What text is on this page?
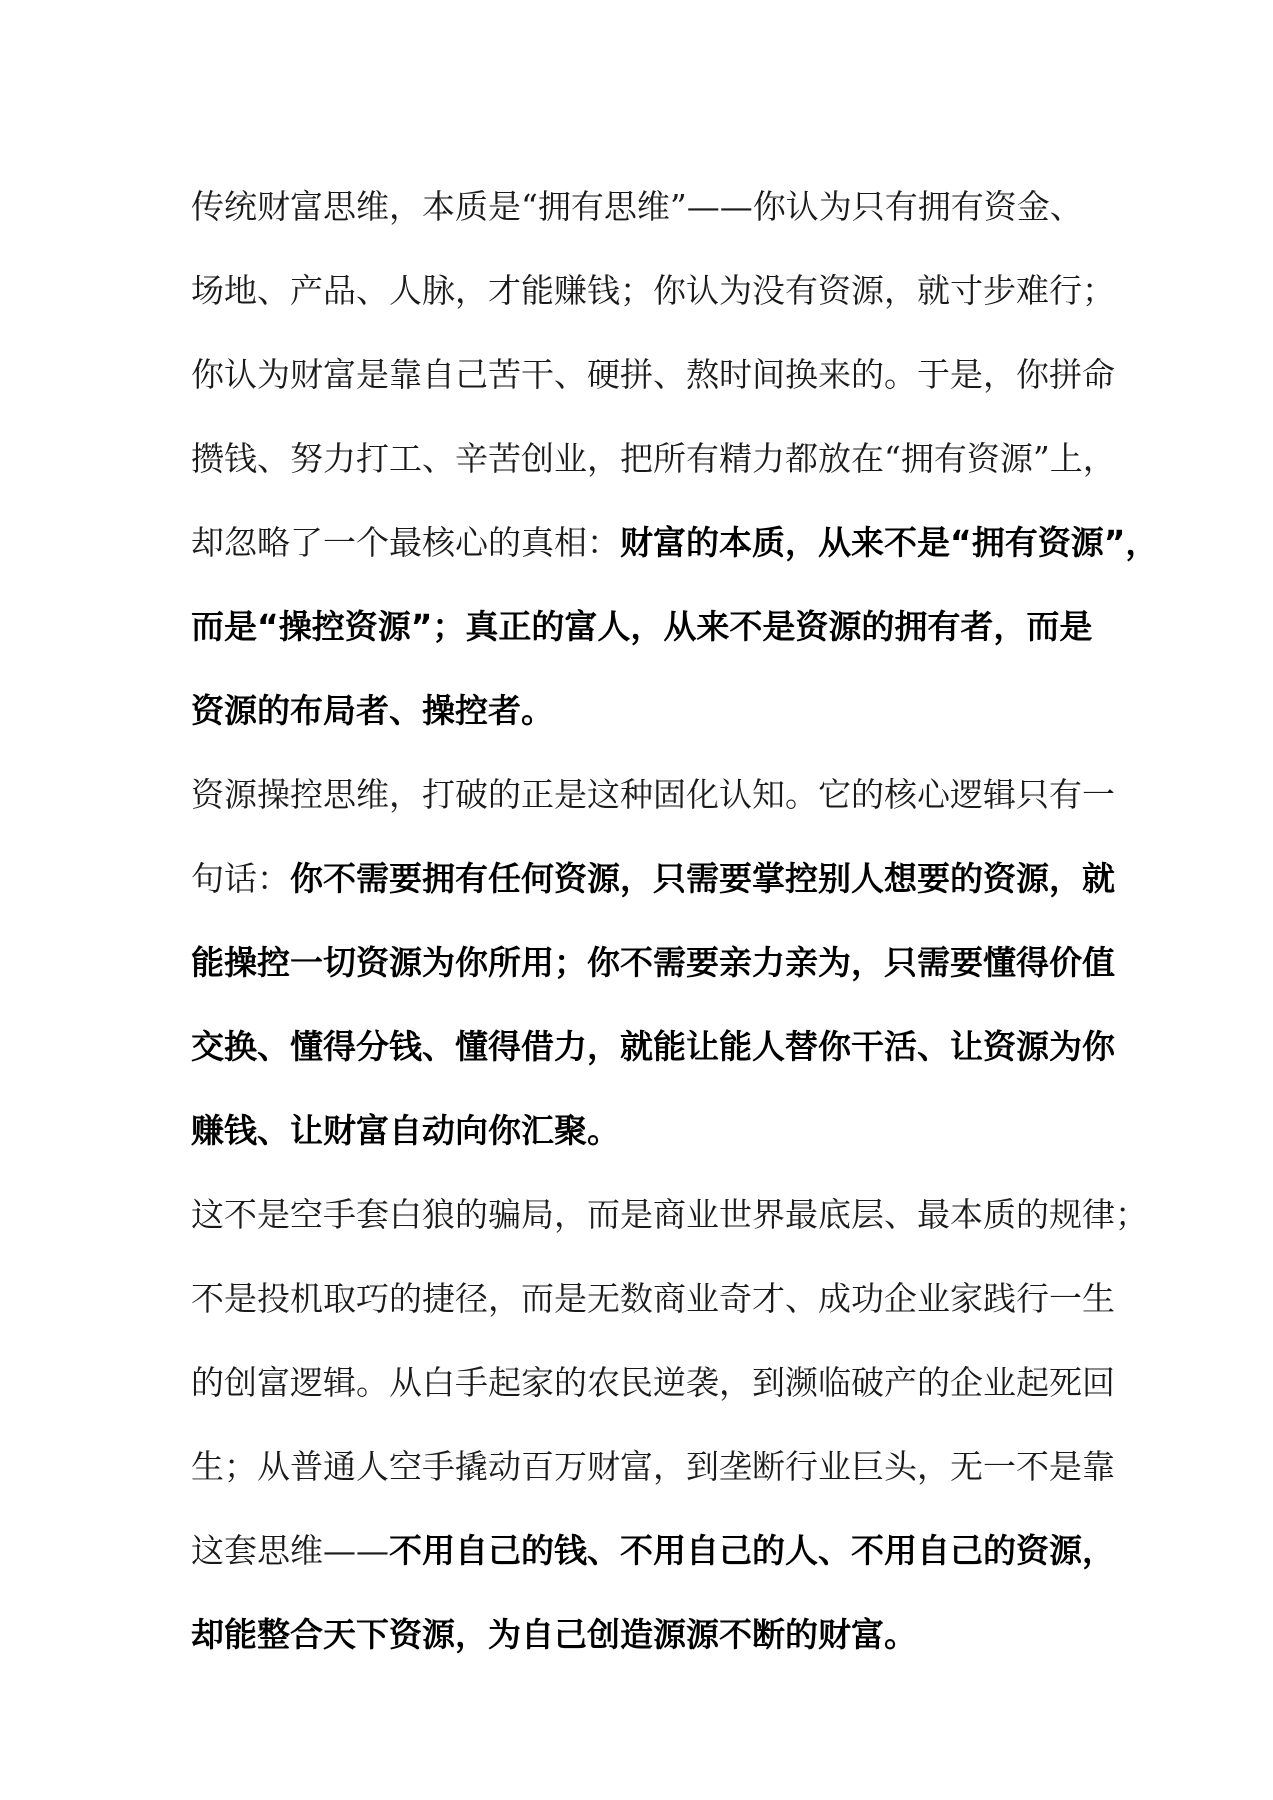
传统财富思维，本质是“拥有思维”——你认为只有拥有资金、
场地、产品、人脉，才能赚钱；你认为没有资源，就寸步难行；
你认为财富是靠自己苦干、硬拼、熬时间换来的。于是，你拼命
攒钱、努力打工、辛苦创业，把所有精力都放在“拥有资源”上，
却忽略了一个最核心的真相：财富的本质，从来不是“拥有资源”，
而是“操控资源”；真正的富人，从来不是资源的拥有者，而是
资源的布局者、操控者。
资源操控思维，打破的正是这种固化认知。它的核心逻辑只有一
句话：你不需要拥有任何资源，只需要掌控别人想要的资源，就
能操控一切资源为你所用；你不需要亲力亲为，只需要懂得价值
交换、懂得分钱、懂得借力，就能让能人替你干活、让资源为你
赚钱、让财富自动向你汇聚。
这不是空手套白狼的骗局，而是商业世界最底层、最本质的规律；
不是投机取巧的捷径，而是无数商业奇才、成功企业家践行一生
的创富逻辑。从白手起家的农民逆袭，到濒临破产的企业起死回
生；从普通人空手撬动百万财富，到垄断行业巨头，无一不是靠
这套思维——不用自己的钱、不用自己的人、不用自己的资源，
却能整合天下资源，为自己创造源源不断的财富。
